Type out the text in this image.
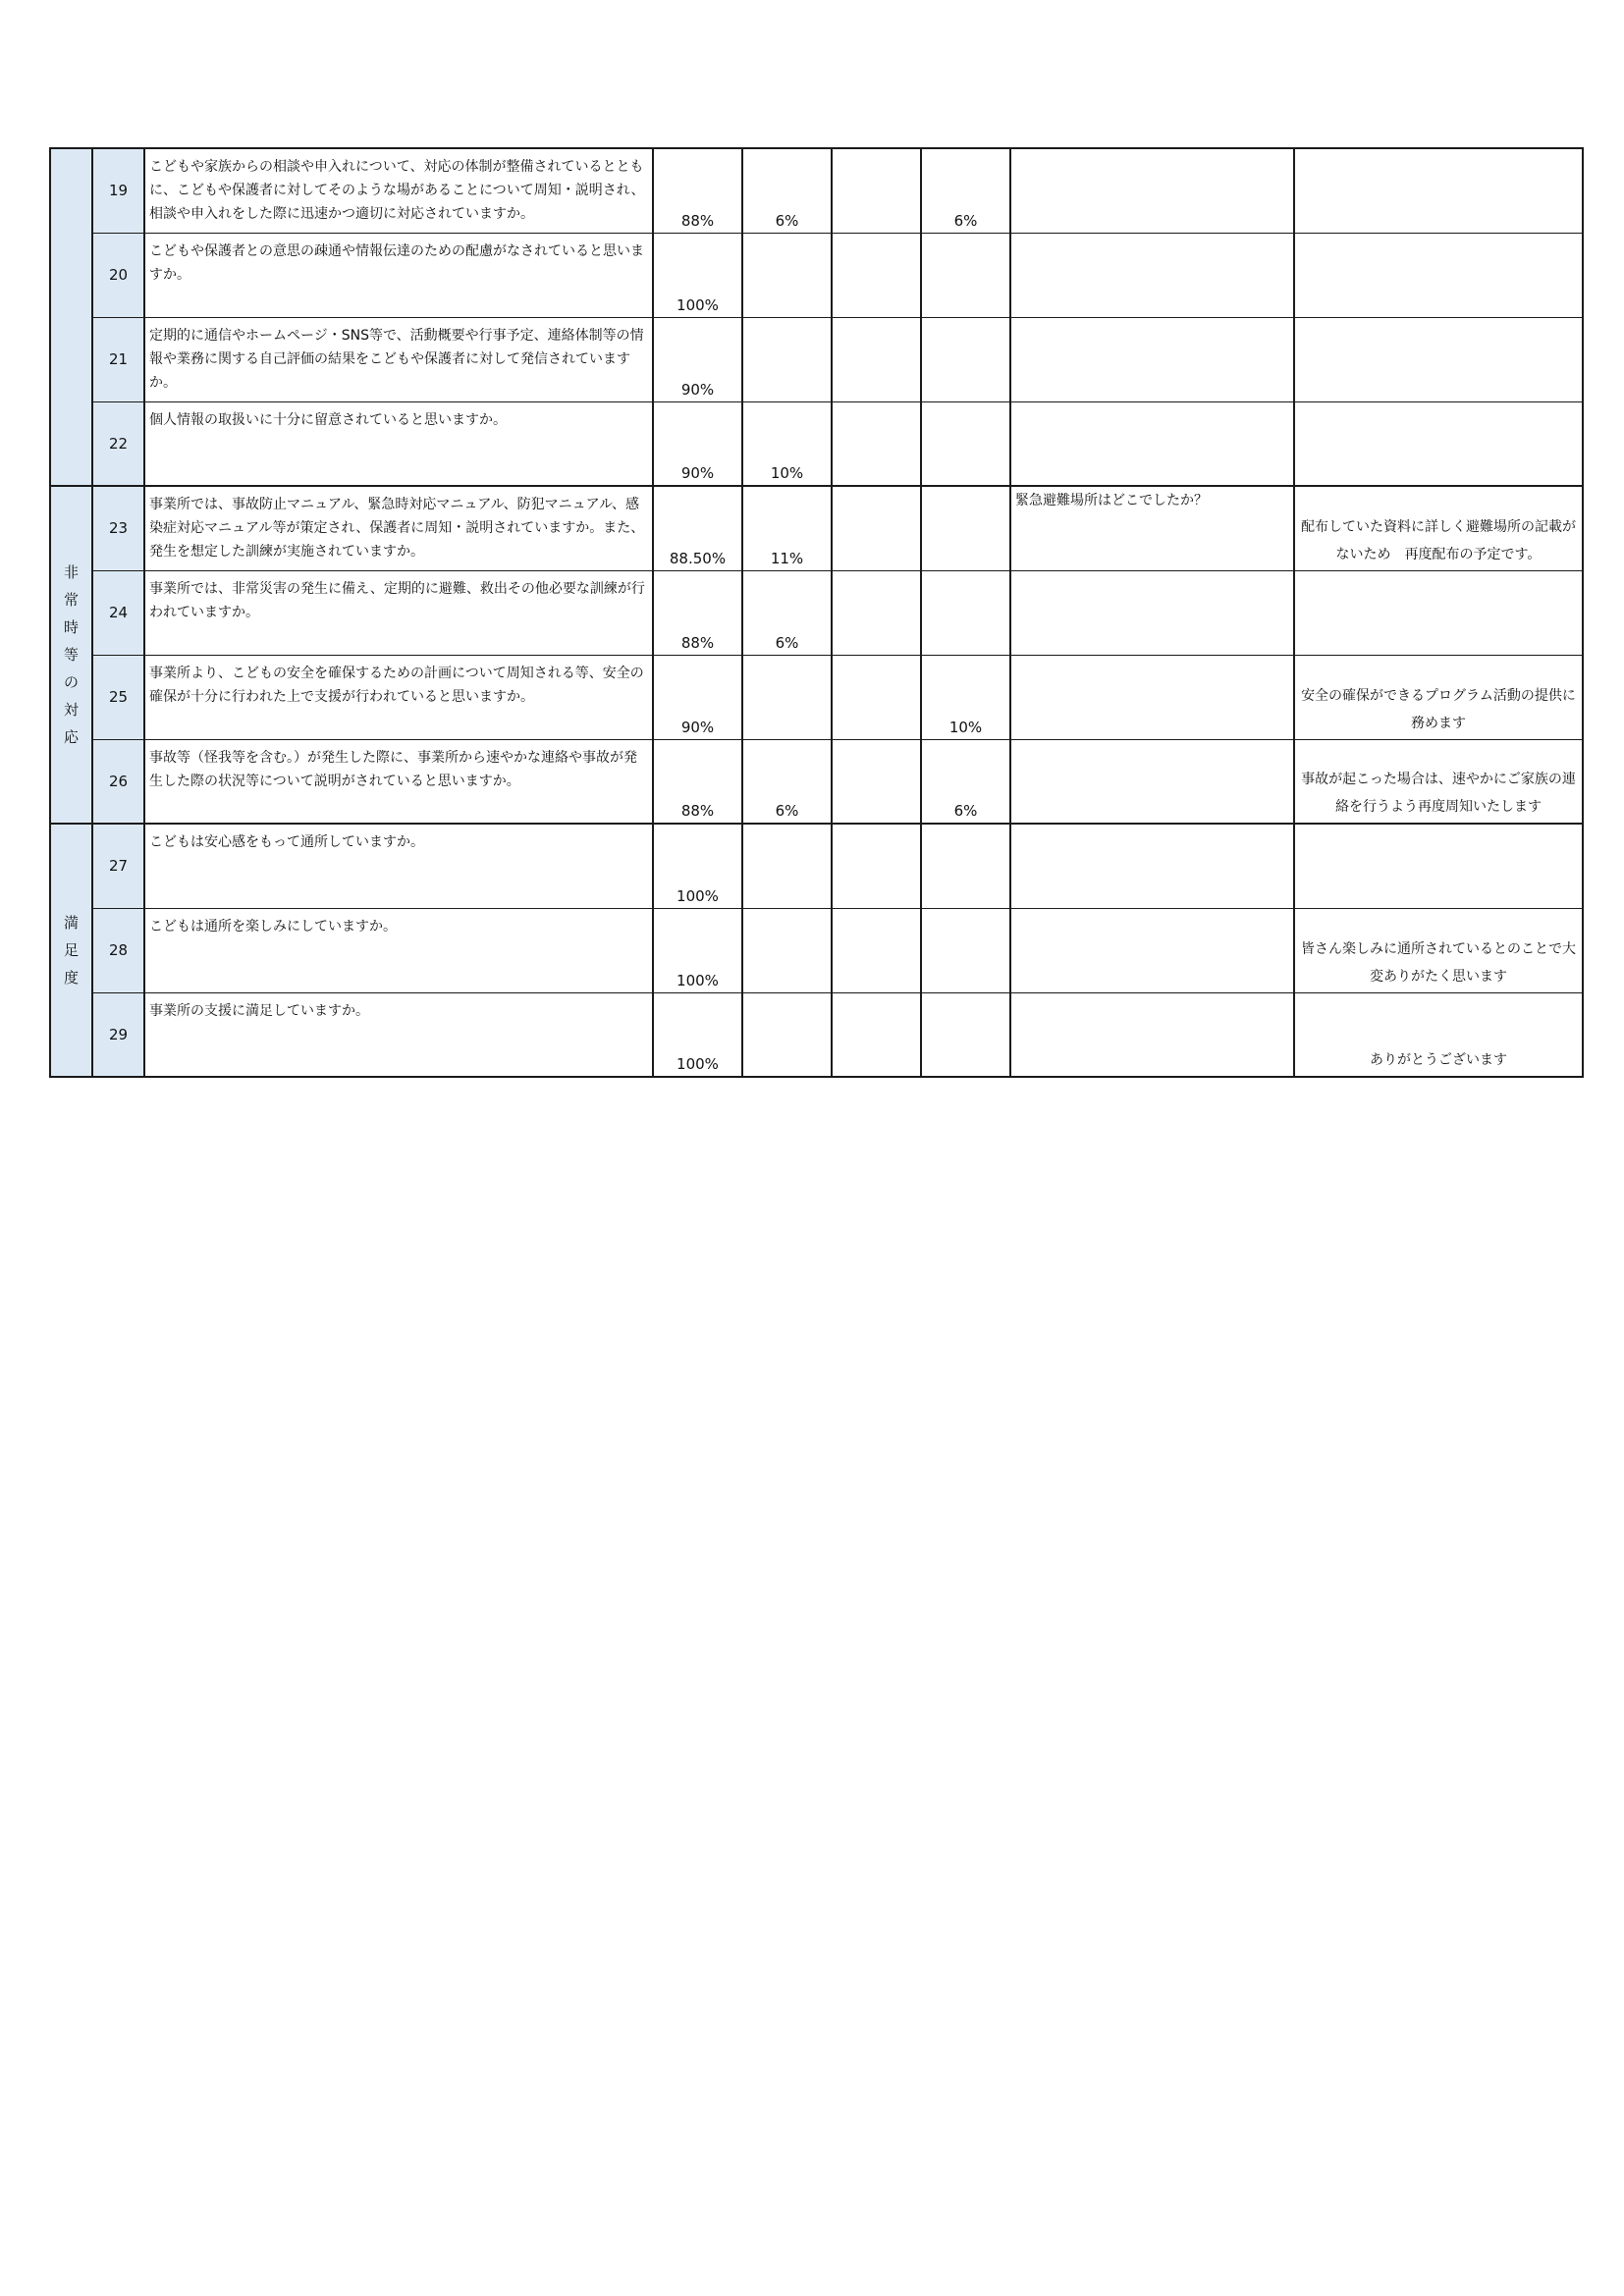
	19	こどもや家族からの相談や申入れについて、対応の体制が整備されているとともに、こどもや保護者に対してそのような場があることについて周知・説明され、相談や申入れをした際に迅速かつ適切に対応されていますか。	88%	6%		6%		
	20	こどもや保護者との意思の疎通や情報伝達のための配慮がなされていると思いますか。	100%					
	21	定期的に通信やホームページ・SNS等で、活動概要や行事予定、連絡体制等の情報や業務に関する自己評価の結果をこどもや保護者に対して発信されていますか。	90%					
	22	個人情報の取扱いに十分に留意されていると思いますか。	90%	10%				
非常時等の対応	23	事業所では、事故防止マニュアル、緊急時対応マニュアル、防犯マニュアル、感染症対応マニュアル等が策定され、保護者に周知・説明されていますか。また、発生を想定した訓練が実施されていますか。	88.50%	11%			緊急避難場所はどこでしたか？	配布していた資料に詳しく避難場所の記載がないため　再度配布の予定です。
	24	事業所では、非常災害の発生に備え、定期的に避難、救出その他必要な訓練が行われていますか。	88%	6%				
	25	事業所より、こどもの安全を確保するための計画について周知される等、安全の確保が十分に行われた上で支援が行われていると思いますか。	90%			10%		安全の確保ができるプログラム活動の提供に務めます
	26	事故等（怪我等を含む。）が発生した際に、事業所から速やかな連絡や事故が発生した際の状況等について説明がされていると思いますか。	88%	6%		6%		事故が起こった場合は、速やかにご家族の連絡を行うよう再度周知いたします
満足度	27	こどもは安心感をもって通所していますか。	100%					
	28	こどもは通所を楽しみにしていますか。	100%					皆さん楽しみに通所されているとのことで大変ありがたく思います
	29	事業所の支援に満足していますか。	100%					ありがとうございます
